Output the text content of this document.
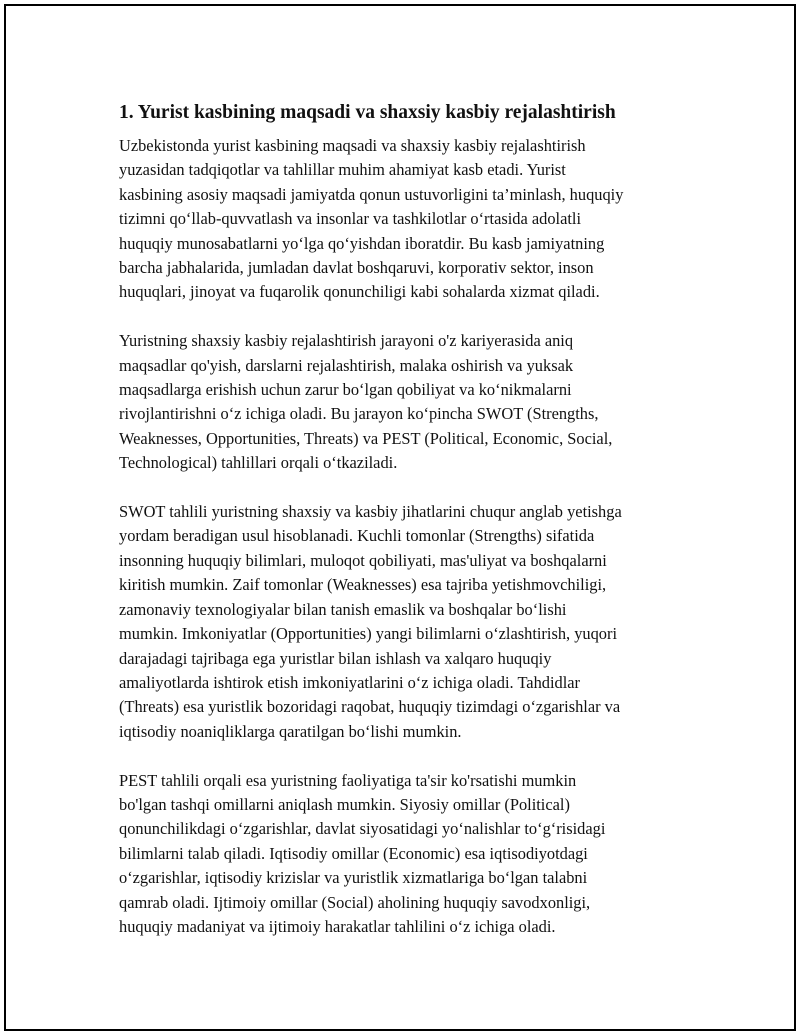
1. Yurist kasbining maqsadi va shaxsiy kasbiy rejalashtirish

Uzbekistonda yurist kasbining maqsadi va shaxsiy kasbiy rejalashtirish
yuzasidan tadqiqotlar va tahlillar muhim ahamiyat kasb etadi. Yurist
kasbining asosiy maqsadi jamiyatda qonun ustuvorligini ta’minlash, huquqiy
tizimni qo‘llab-quvvatlash va insonlar va tashkilotlar o‘rtasida adolatli
huquqiy munosabatlarni yo‘lga qo‘yishdan iboratdir. Bu kasb jamiyatning
barcha jabhalarida, jumladan davlat boshqaruvi, korporativ sektor, inson
huquqlari, jinoyat va fuqarolik qonunchiligi kabi sohalarda xizmat qiladi.

Yuristning shaxsiy kasbiy rejalashtirish jarayoni o'z kariyerasida aniq
maqsadlar qo'yish, darslarni rejalashtirish, malaka oshirish va yuksak
maqsadlarga erishish uchun zarur bo‘lgan qobiliyat va ko‘nikmalarni
rivojlantirishni o‘z ichiga oladi. Bu jarayon ko‘pincha SWOT (Strengths,
Weaknesses, Opportunities, Threats) va PEST (Political, Economic, Social,
Technological) tahlillari orqali o‘tkaziladi.

SWOT tahlili yuristning shaxsiy va kasbiy jihatlarini chuqur anglab yetishga
yordam beradigan usul hisoblanadi. Kuchli tomonlar (Strengths) sifatida
insonning huquqiy bilimlari, muloqot qobiliyati, mas'uliyat va boshqalarni
kiritish mumkin. Zaif tomonlar (Weaknesses) esa tajriba yetishmovchiligi,
zamonaviy texnologiyalar bilan tanish emaslik va boshqalar bo‘lishi
mumkin. Imkoniyatlar (Opportunities) yangi bilimlarni o‘zlashtirish, yuqori
darajadagi tajribaga ega yuristlar bilan ishlash va xalqaro huquqiy
amaliyotlarda ishtirok etish imkoniyatlarini o‘z ichiga oladi. Tahdidlar
(Threats) esa yuristlik bozoridagi raqobat, huquqiy tizimdagi o‘zgarishlar va
iqtisodiy noaniqliklarga qaratilgan bo‘lishi mumkin.

PEST tahlili orqali esa yuristning faoliyatiga ta'sir ko'rsatishi mumkin
bo'lgan tashqi omillarni aniqlash mumkin. Siyosiy omillar (Political)
qonunchilikdagi o‘zgarishlar, davlat siyosatidagi yo‘nalishlar to‘g‘risidagi
bilimlarni talab qiladi. Iqtisodiy omillar (Economic) esa iqtisodiyotdagi
o‘zgarishlar, iqtisodiy krizislar va yuristlik xizmatlariga bo‘lgan talabni
qamrab oladi. Ijtimoiy omillar (Social) aholining huquqiy savodxonligi,
huquqiy madaniyat va ijtimoiy harakatlar tahlilini o‘z ichiga oladi.
